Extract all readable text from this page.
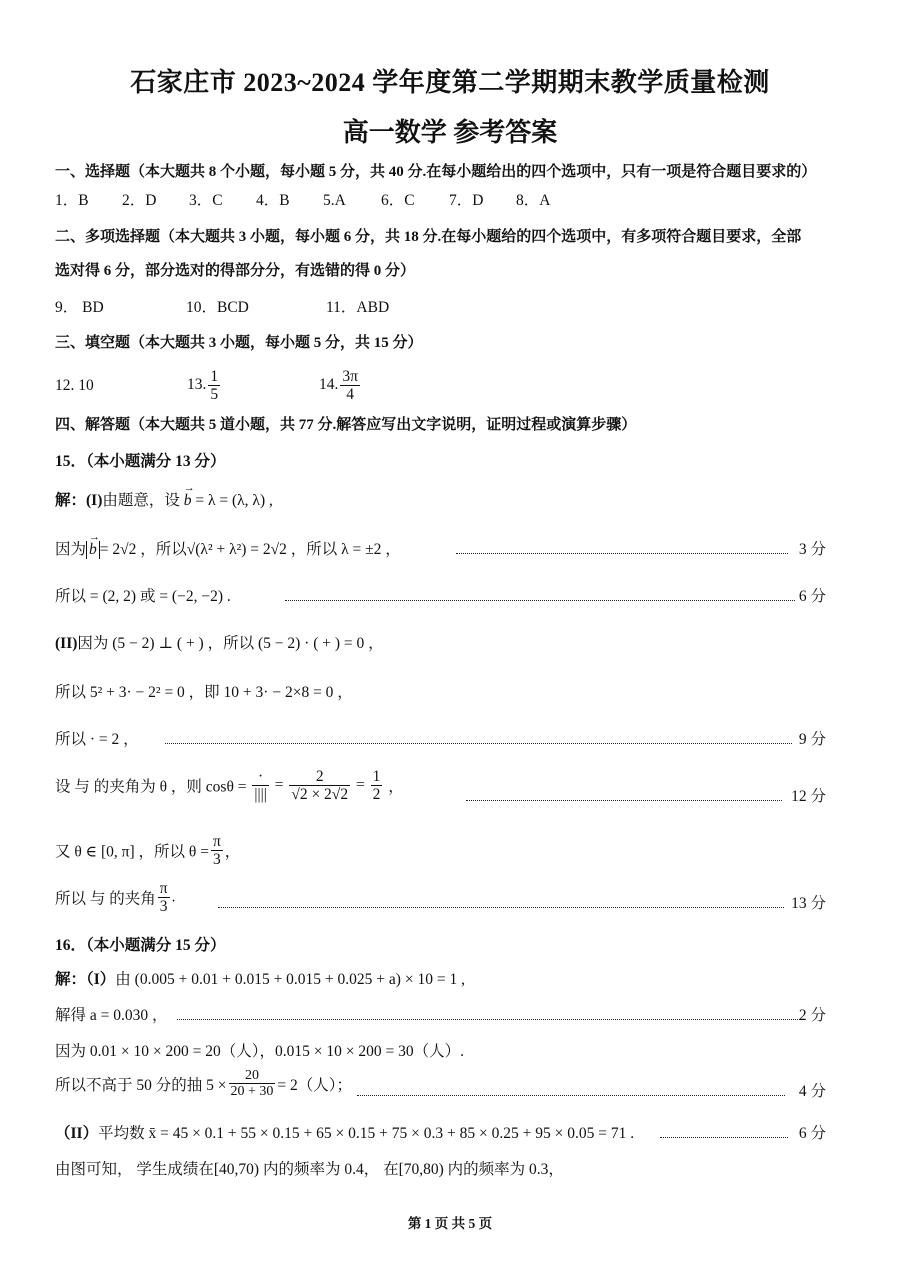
石家庄市 2023~2024 学年度第二学期期末教学质量检测
高一数学 参考答案
一、选择题（本大题共 8 个小题，每小题 5 分，共 40 分.在每小题给出的四个选项中，只有一项是符合题目要求的）
1．B 2．D 3．C 4．B 5.A 6．C 7．D 8．A
二、多项选择题（本大题共 3 小题，每小题 6 分，共 18 分.在每小题给的四个选项中，有多项符合题目要求，全部
选对得 6 分，部分选对的得部分分，有选错的得 0 分）
9． BD	10．BCD	11．ABD
三、填空题（本大题共 3 小题，每小题 5 分，共 15 分）
12. 10	13. $\frac{1}{5}$	14. $\frac{3\pi}{4}$
四、解答题（本大题共 5 道小题，共 77 分.解答应写出文字说明，证明过程或演算步骤）
15．（本小题满分 13 分）
解：(I)由题意，设 → b = λ = (λ, λ) ,
因为 → b = 2√2 ，所以√(λ² + λ²) = 2√2 ，所以 λ = ±2 ，	3 分
所以 = (2, 2) 或 = (−2, −2) .	6 分
(II)因为 (5 − 2) ⊥ ( + ) ，所以 (5 − 2) · ( + ) = 0 ，
所以 5² + 3· − 2² = 0 ，即 10 + 3· − 2×8 = 0 ，
所以 · = 2 ，	9 分
设 与 的夹角为 θ ，则 $\cos\theta = \frac{\cdot}{||||} = \frac{2}{√2 \times 2√2} = \frac{1}{2}$ ，
12 分
又 θ ∈ [0, π] ，所以 $\theta = \frac{\pi}{3}$ ，
所以 与 的夹角 $\frac{\pi}{3}$ .	13 分
16．（本小题满分 15 分）
解：（I）由 (0.005 + 0.01 + 0.015 + 0.015 + 0.025 + a) × 10 = 1 ,
解得 a = 0.030 ，	2 分
因为 0.01 × 10 × 200 = 20（人），0.015 × 10 × 200 = 30（人）.
所以不高于 50 分的抽 $5 \times \frac{20}{20 + 30} = 2$（人）；	4 分
（II）平均数 x̄ = 45 × 0.1 + 55 × 0.15 + 65 × 0.15 + 75 × 0.3 + 85 × 0.25 + 95 × 0.05 = 71 .	6 分
由图可知， 学生成绩在[40,70) 内的频率为 0.4， 在[70,80) 内的频率为 0.3，
第 1 页 共 5 页
